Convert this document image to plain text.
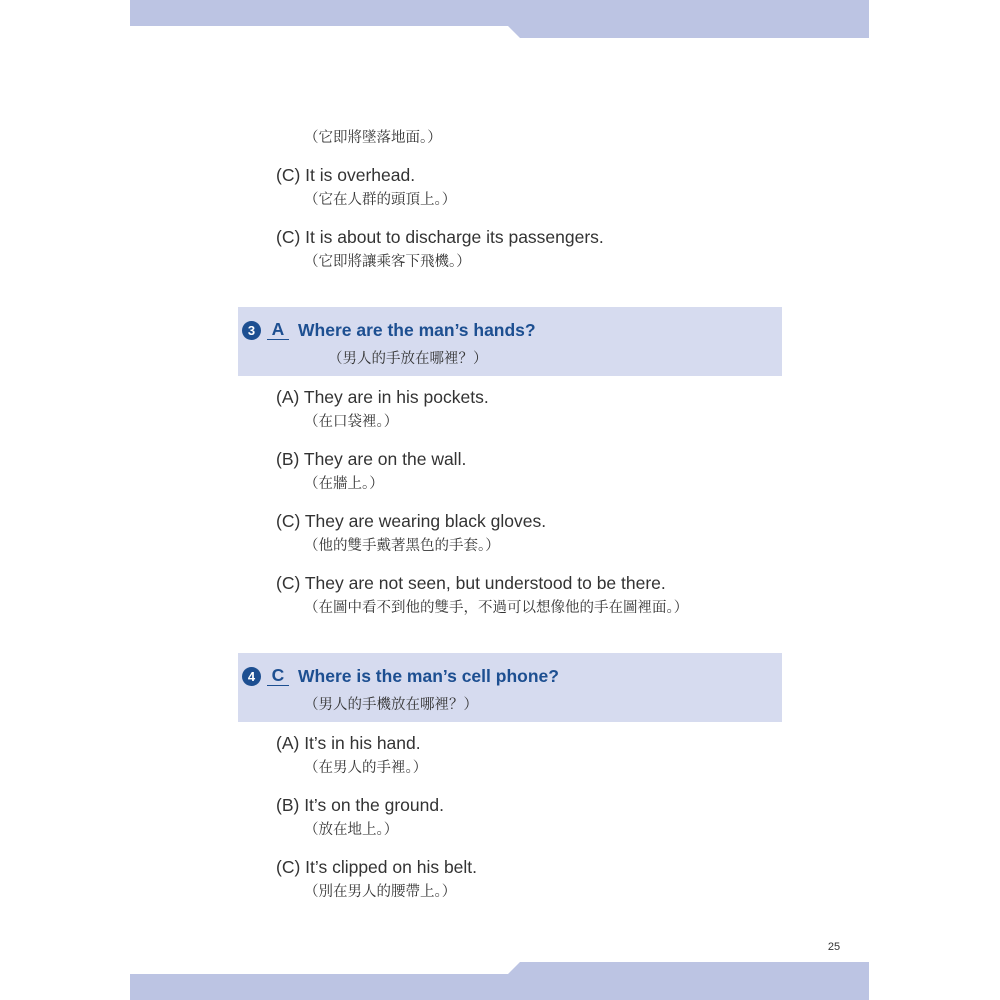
（它即將墜落地面。）
(C) It is overhead.
（它在人群的頭頂上。）
(C) It is about to discharge its passengers.
（它即將讓乘客下飛機。）
3 A Where are the man’s hands?
（男人的手放在哪裡？）
(A) They are in his pockets.
（在口袋裡。）
(B) They are on the wall.
（在牆上。）
(C) They are wearing black gloves.
（他的雙手戴著黑色的手套。）
(C) They are not seen, but understood to be there.
（在圖中看不到他的雙手，不過可以想像他的手在圖裡面。）
4 C Where is the man’s cell phone?
（男人的手機放在哪裡？）
(A) It’s in his hand.
（在男人的手裡。）
(B) It’s on the ground.
（放在地上。）
(C) It’s clipped on his belt.
（別在男人的腰帶上。）
25
